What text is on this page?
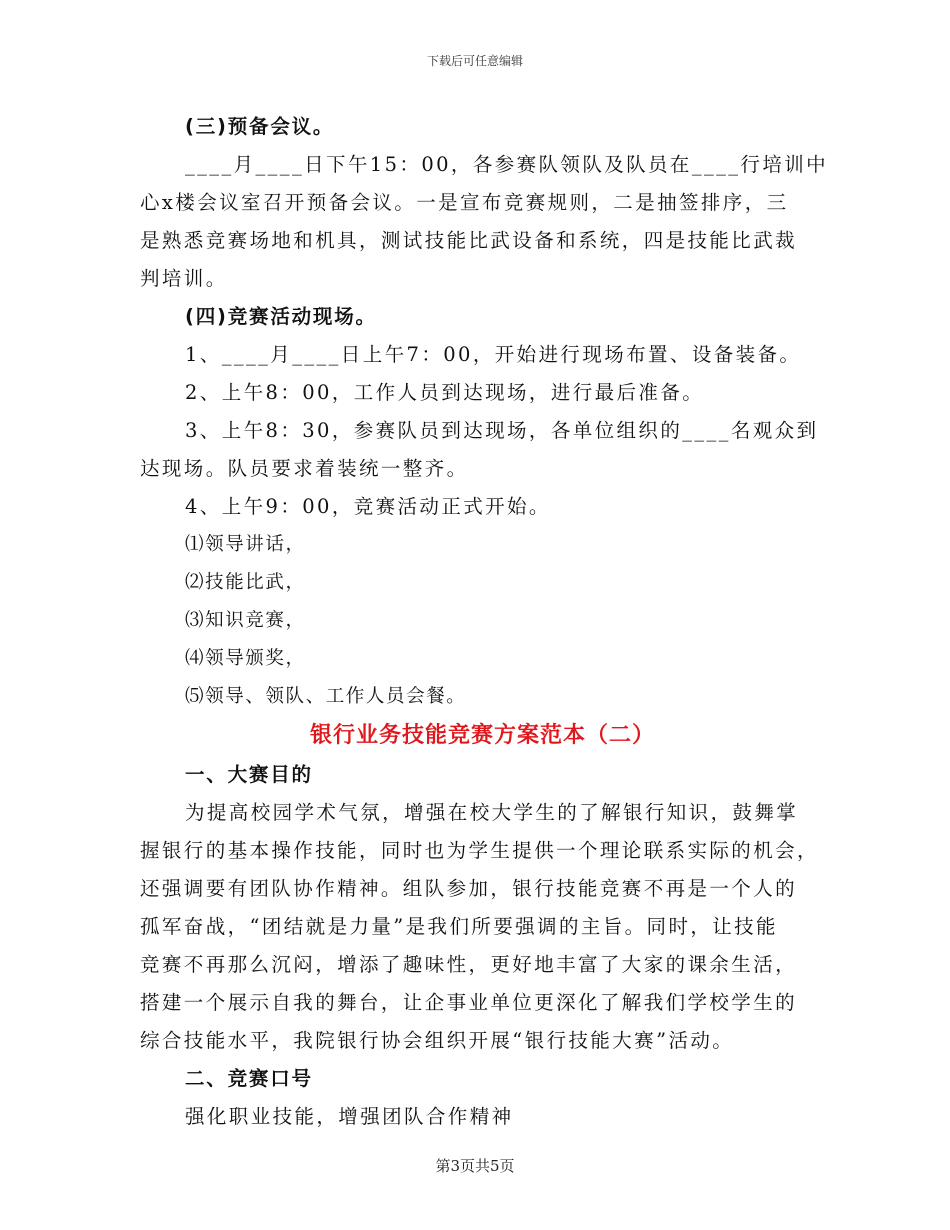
下载后可任意编辑
(三)预备会议。
____月____日下午15：00，各参赛队领队及队员在____行培训中
心x楼会议室召开预备会议。一是宣布竞赛规则，二是抽签排序，三
是熟悉竞赛场地和机具，测试技能比武设备和系统，四是技能比武裁
判培训。
(四)竞赛活动现场。
1、____月____日上午7：00，开始进行现场布置、设备装备。
2、上午8：00，工作人员到达现场，进行最后准备。
3、上午8：30，参赛队员到达现场，各单位组织的____名观众到
达现场。队员要求着装统一整齐。
4、上午9：00，竞赛活动正式开始。
⑴领导讲话，
⑵技能比武，
⑶知识竞赛，
⑷领导颁奖，
⑸领导、领队、工作人员会餐。
银行业务技能竞赛方案范本（二）
一、大赛目的
为提高校园学术气氛，增强在校大学生的了解银行知识，鼓舞掌
握银行的基本操作技能，同时也为学生提供一个理论联系实际的机会，
还强调要有团队协作精神。组队参加，银行技能竞赛不再是一个人的
孤军奋战，“团结就是力量”是我们所要强调的主旨。同时，让技能
竞赛不再那么沉闷，增添了趣味性，更好地丰富了大家的课余生活，
搭建一个展示自我的舞台，让企事业单位更深化了解我们学校学生的
综合技能水平，我院银行协会组织开展“银行技能大赛”活动。
二、竞赛口号
强化职业技能，增强团队合作精神
第3页共5页
